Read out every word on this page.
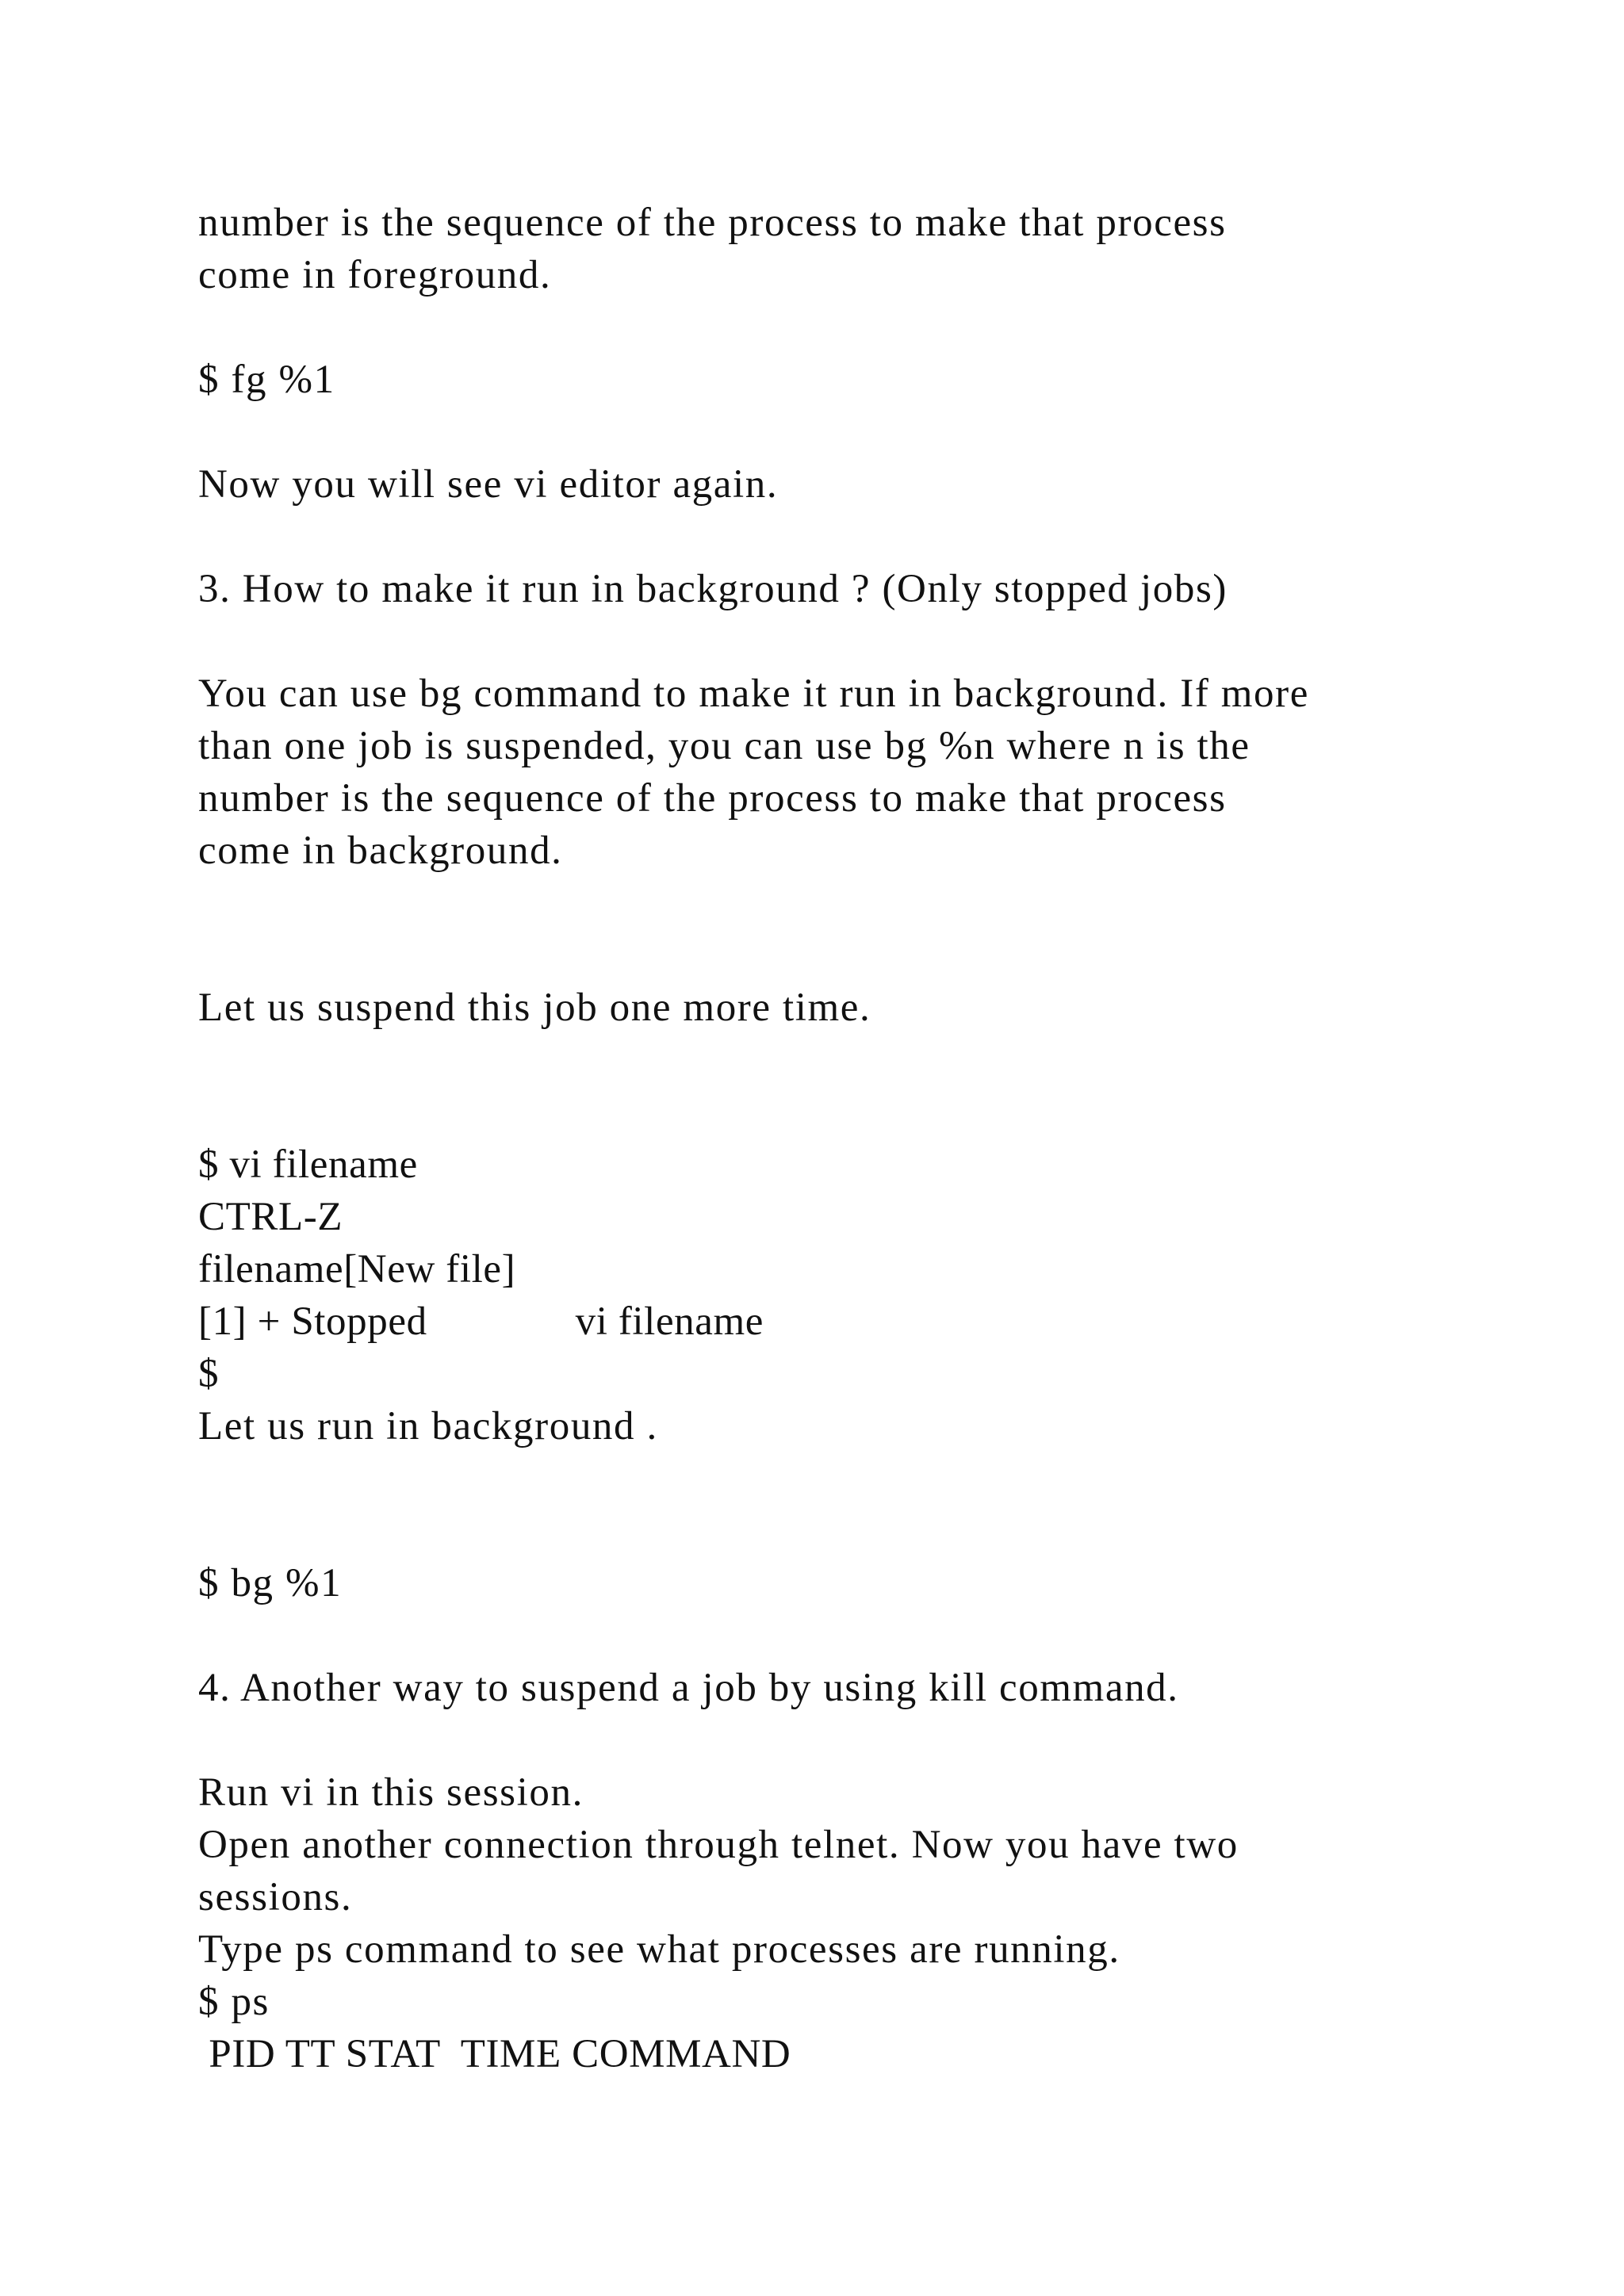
number is the sequence of the process to make that process

come in foreground.

$ fg %1

Now you will see vi editor again.

3. How to make it run in background ? (Only stopped jobs)

You can use bg command to make it run in background. If more

than one job is suspended, you can use bg %n where n is the

number is the sequence of the process to make that process

come in background.

Let us suspend this job one more time.

$ vi filename

CTRL-Z

filename[New file]

[1] + Stopped              vi filename

$

Let us run in background .

$ bg %1

4. Another way to suspend a job by using kill command.

Run vi in this session.

Open another connection through telnet. Now you have two

sessions.

Type ps command to see what processes are running.

$ ps

PID TT STAT  TIME COMMAND
